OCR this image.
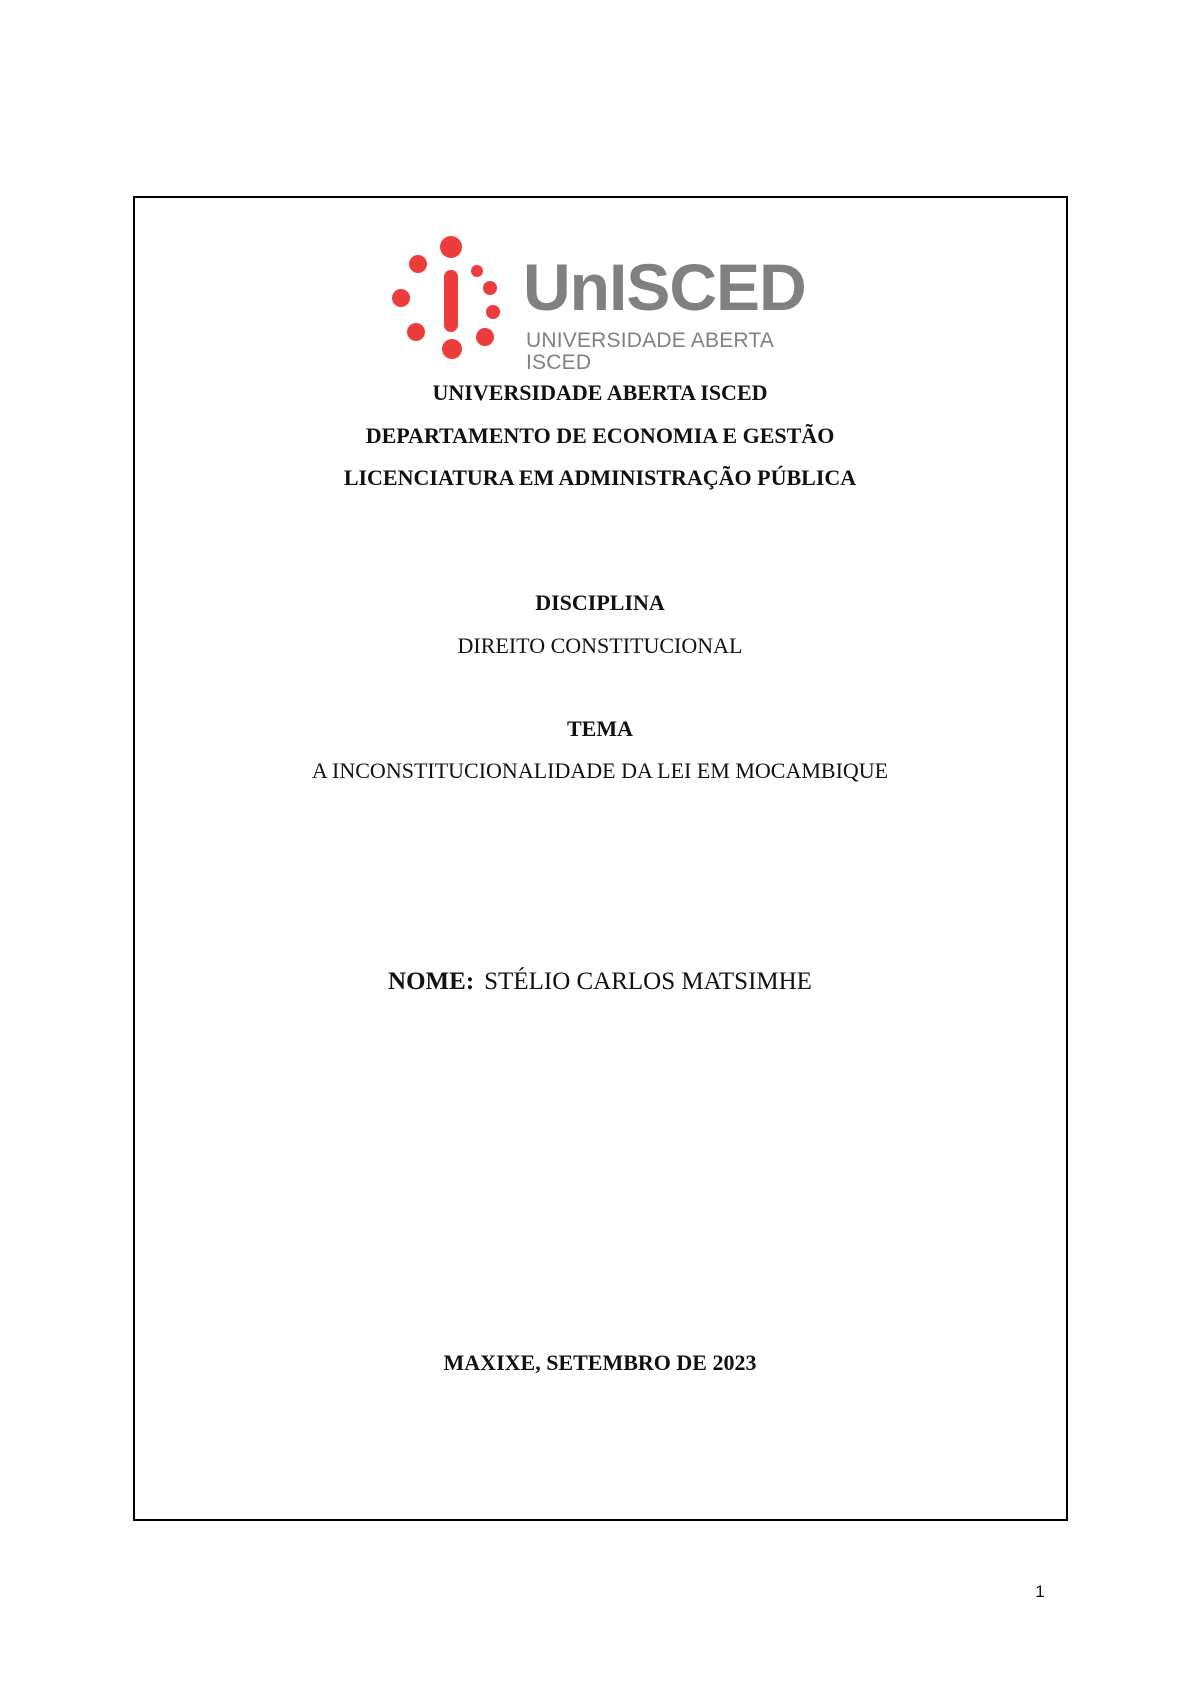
UnISCED
UNIVERSIDADE ABERTA ISCED
UNIVERSIDADE ABERTA ISCED
DEPARTAMENTO DE ECONOMIA E GESTÃO
LICENCIATURA EM ADMINISTRAÇÃO PÚBLICA
DISCIPLINA
DIREITO CONSTITUCIONAL
TEMA
A INCONSTITUCIONALIDADE DA LEI EM MOCAMBIQUE
NOME: STÉLIO CARLOS MATSIMHE
MAXIXE, SETEMBRO DE 2023
1
